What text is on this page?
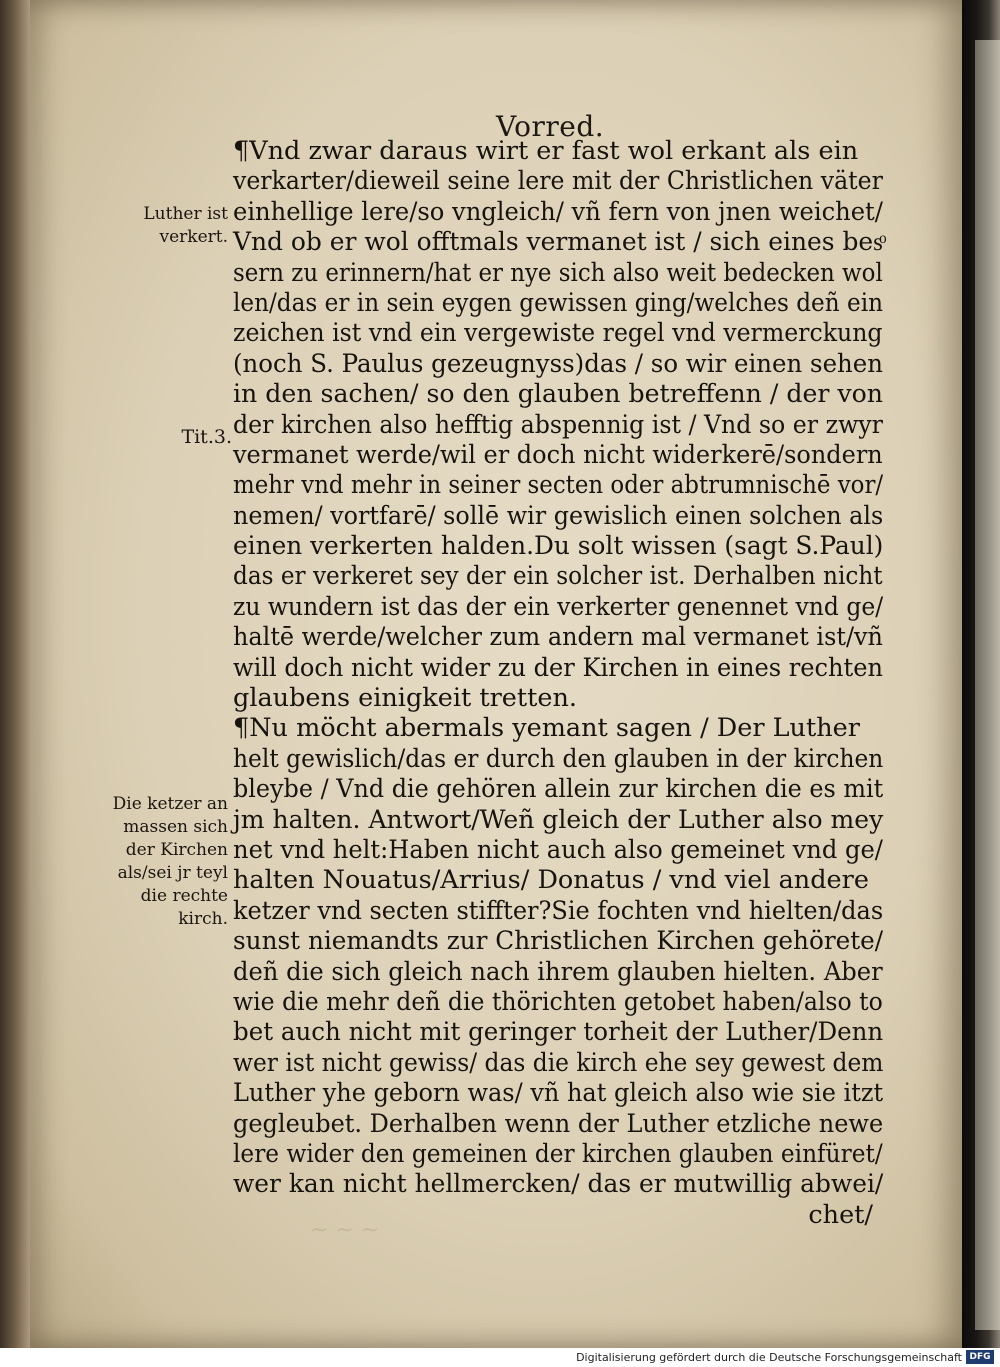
~ ~ ~
Vorred.
Luther ist
verkert.
Tit.3.
Die ketzer an
massen sich
der Kirchen
als/sei jr teyl
die rechte
kirch.
¶Vnd zwar daraus wirt er fast wol erkant als ein
verkarter/dieweil seine lere mit der Christlichen väter
einhellige lere/so vngleich/ vñ fern von jnen weichet/
Vnd ob er wol offtmals vermanet ist / sich eines besͦ
sern zu erinnern/hat er nye sich also weit bedecken wol
len/das er in sein eygen gewissen ging/welches deñ ein
zeichen ist vnd ein vergewiste regel vnd vermerckung
(noch S. Paulus gezeugnyss)das / so wir einen sehen
in den sachen/ so den glauben betreffenn / der von
der kirchen also hefftig abspennig ist / Vnd so er zwyr
vermanet werde/wil er doch nicht widerkerē/sondern
mehr vnd mehr in seiner secten oder abtrumnischē vor/
nemen/ vortfarē/ sollē wir gewislich einen solchen als
einen verkerten halden.Du solt wissen (sagt S.Paul)
das er verkeret sey der ein solcher ist. Derhalben nicht
zu wundern ist das der ein verkerter genennet vnd ge/
haltē werde/welcher zum andern mal vermanet ist/vñ
will doch nicht wider zu der Kirchen in eines rechten
glaubens einigkeit tretten.
¶Nu möcht abermals yemant sagen / Der Luther
helt gewislich/das er durch den glauben in der kirchen
bleybe / Vnd die gehören allein zur kirchen die es mit
jm halten. Antwort/Weñ gleich der Luther also mey
net vnd helt:Haben nicht auch also gemeinet vnd ge/
halten Nouatus/Arrius/ Donatus / vnd viel andere
ketzer vnd secten stiffter?Sie fochten vnd hielten/das
sunst niemandts zur Christlichen Kirchen gehörete/
deñ die sich gleich nach ihrem glauben hielten. Aber
wie die mehr deñ die thörichten getobet haben/also to
bet auch nicht mit geringer torheit der Luther/Denn
wer ist nicht gewiss/ das die kirch ehe sey gewest dem
Luther yhe geborn was/ vñ hat gleich also wie sie itzt
gegleubet. Derhalben wenn der Luther etzliche newe
lere wider den gemeinen der kirchen glauben einfüret/
wer kan nicht hellmercken/ das er mutwillig abwei/
chet/
Digitalisierung gefördert durch die Deutsche Forschungsgemeinschaft DFG
